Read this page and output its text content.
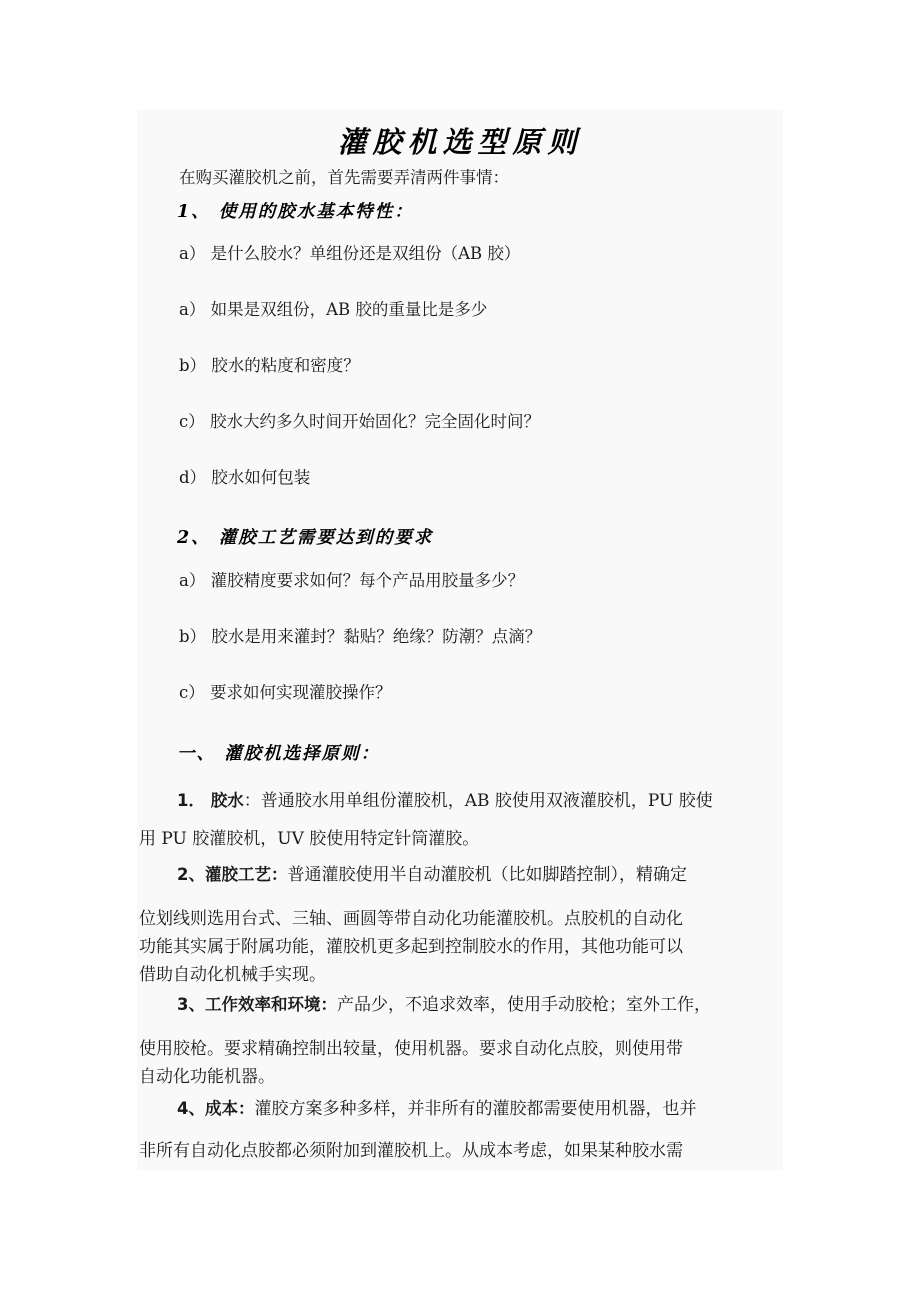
灌胶机选型原则
在购买灌胶机之前，首先需要弄清两件事情：
1、 使用的胶水基本特性：
a） 是什么胶水？单组份还是双组份（AB 胶）
a） 如果是双组份，AB 胶的重量比是多少
b） 胶水的粘度和密度？
c） 胶水大约多久时间开始固化？完全固化时间？
d） 胶水如何包装
2、 灌胶工艺需要达到的要求
a） 灌胶精度要求如何？每个产品用胶量多少？
b） 胶水是用来灌封？黏贴？绝缘？防潮？点滴？
c） 要求如何实现灌胶操作？
一、 灌胶机选择原则：
1． 胶水：普通胶水用单组份灌胶机，AB 胶使用双液灌胶机，PU 胶使
用 PU 胶灌胶机，UV 胶使用特定针筒灌胶。
2、灌胶工艺：普通灌胶使用半自动灌胶机（比如脚踏控制），精确定
位划线则选用台式、三轴、画圆等带自动化功能灌胶机。点胶机的自动化
功能其实属于附属功能，灌胶机更多起到控制胶水的作用，其他功能可以
借助自动化机械手实现。
3、工作效率和环境：产品少，不追求效率，使用手动胶枪；室外工作，
使用胶枪。要求精确控制出较量，使用机器。要求自动化点胶，则使用带
自动化功能机器。
4、成本：灌胶方案多种多样，并非所有的灌胶都需要使用机器，也并
非所有自动化点胶都必须附加到灌胶机上。从成本考虑，如果某种胶水需
